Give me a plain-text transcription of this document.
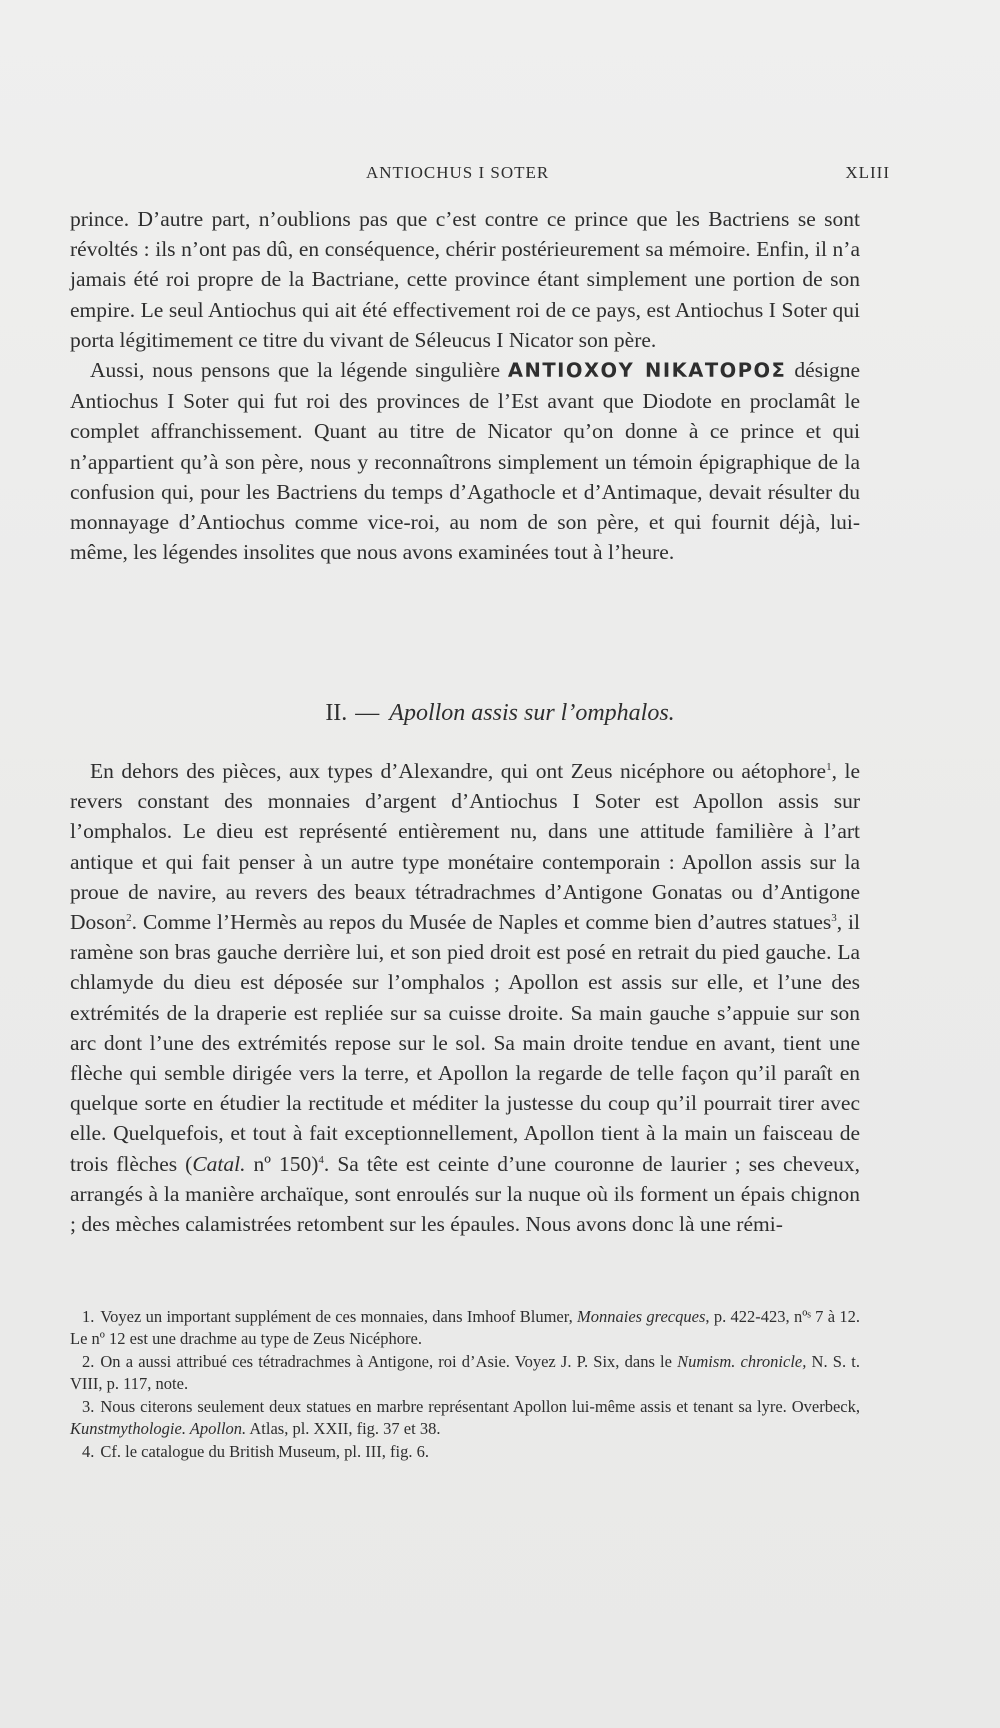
ANTIOCHUS I SOTER	XLIII

prince. D’autre part, n’oublions pas que c’est contre ce prince que les Bactriens se sont révoltés : ils n’ont pas dû, en conséquence, chérir postérieurement sa mémoire. Enfin, il n’a jamais été roi propre de la Bactriane, cette province étant simplement une portion de son empire. Le seul Antiochus qui ait été effectivement roi de ce pays, est Antiochus I Soter qui porta légitimement ce titre du vivant de Séleucus I Nicator son père.

Aussi, nous pensons que la légende singulière ΑΝΤΙΟΧΟΥ ΝΙΚΑΤΟΡΟΣ désigne Antiochus I Soter qui fut roi des provinces de l’Est avant que Diodote en proclamât le complet affranchissement. Quant au titre de Nicator qu’on donne à ce prince et qui n’appartient qu’à son père, nous y reconnaîtrons simplement un témoin épigraphique de la confusion qui, pour les Bactriens du temps d’Agathocle et d’Antimaque, devait résulter du monnayage d’Antiochus comme vice-roi, au nom de son père, et qui fournit déjà, lui-même, les légendes insolites que nous avons examinées tout à l’heure.

II. — Apollon assis sur l’omphalos.

En dehors des pièces, aux types d’Alexandre, qui ont Zeus nicéphore ou aétophore$^1$, le revers constant des monnaies d’argent d’Antiochus I Soter est Apollon assis sur l’omphalos. Le dieu est représenté entièrement nu, dans une attitude familière à l’art antique et qui fait penser à un autre type monétaire contemporain : Apollon assis sur la proue de navire, au revers des beaux tétradrachmes d’Antigone Gonatas ou d’Antigone Doson$^2$. Comme l’Hermès au repos du Musée de Naples et comme bien d’autres statues$^3$, il ramène son bras gauche derrière lui, et son pied droit est posé en retrait du pied gauche. La chlamyde du dieu est déposée sur l’omphalos ; Apollon est assis sur elle, et l’une des extrémités de la draperie est repliée sur sa cuisse droite. Sa main gauche s’appuie sur son arc dont l’une des extrémités repose sur le sol. Sa main droite tendue en avant, tient une flèche qui semble dirigée vers la terre, et Apollon la regarde de telle façon qu’il paraît en quelque sorte en étudier la rectitude et méditer la justesse du coup qu’il pourrait tirer avec elle. Quelquefois, et tout à fait exceptionnellement, Apollon tient à la main un faisceau de trois flèches (Catal. nº 150)$^4$. Sa tête est ceinte d’une couronne de laurier ; ses cheveux, arrangés à la manière archaïque, sont enroulés sur la nuque où ils forment un épais chignon ; des mèches calamistrées retombent sur les épaules. Nous avons donc là une rémi-

1. Voyez un important supplément de ces monnaies, dans Imhoof Blumer, Monnaies grecques, p. 422-423, nºˢ 7 à 12. Le nº 12 est une drachme au type de Zeus Nicéphore.

2. On a aussi attribué ces tétradrachmes à Antigone, roi d’Asie. Voyez J. P. Six, dans le Numism. chronicle, N. S. t. VIII, p. 117, note.

3. Nous citerons seulement deux statues en marbre représentant Apollon lui-même assis et tenant sa lyre. Overbeck, Kunstmythologie. Apollon. Atlas, pl. XXII, fig. 37 et 38.

4. Cf. le catalogue du British Museum, pl. III, fig. 6.
